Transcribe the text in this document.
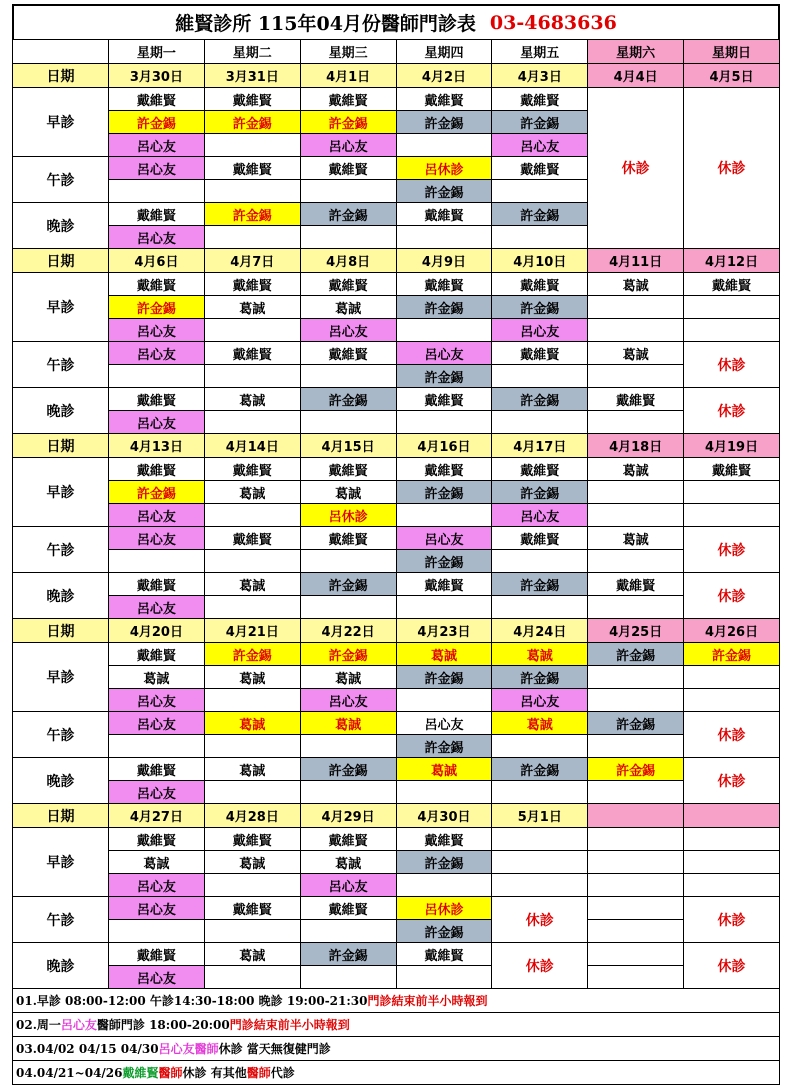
維賢診所 115年04月份醫師門診表 03-4683636
	星期一	星期二	星期三	星期四	星期五	星期六	星期日
日期	3月30日	3月31日	4月1日	4月2日	4月3日	4月4日	4月5日
早診	戴維賢	戴維賢	戴維賢	戴維賢	戴維賢	休診	休診
	許金錫	許金錫	許金錫	許金錫	許金錫		
	呂心友		呂心友		呂心友		
午診	呂心友	戴維賢	戴維賢	呂休診	戴維賢		
				許金錫			
晚診	戴維賢	許金錫	許金錫	戴維賢	許金錫		
	呂心友						
日期	4月6日	4月7日	4月8日	4月9日	4月10日	4月11日	4月12日
早診	戴維賢	戴維賢	戴維賢	戴維賢	戴維賢	葛誠	戴維賢
	許金錫	葛誠	葛誠	許金錫	許金錫		
	呂心友		呂心友		呂心友		
午診	呂心友	戴維賢	戴維賢	呂心友	戴維賢	葛誠	休診
				許金錫			
晚診	戴維賢	葛誠	許金錫	戴維賢	許金錫	戴維賢	休診
	呂心友						
日期	4月13日	4月14日	4月15日	4月16日	4月17日	4月18日	4月19日
早診	戴維賢	戴維賢	戴維賢	戴維賢	戴維賢	葛誠	戴維賢
	許金錫	葛誠	葛誠	許金錫	許金錫		
	呂心友		呂休診		呂心友		
午診	呂心友	戴維賢	戴維賢	呂心友	戴維賢	葛誠	休診
				許金錫			
晚診	戴維賢	葛誠	許金錫	戴維賢	許金錫	戴維賢	休診
	呂心友						
日期	4月20日	4月21日	4月22日	4月23日	4月24日	4月25日	4月26日
早診	戴維賢	許金錫	許金錫	葛誠	葛誠	許金錫	許金錫
	葛誠	葛誠	葛誠	許金錫	許金錫		
	呂心友		呂心友		呂心友		
午診	呂心友	葛誠	葛誠	呂心友	葛誠	許金錫	休診
				許金錫			
晚診	戴維賢	葛誠	許金錫	葛誠	許金錫	許金錫	休診
	呂心友						
日期	4月27日	4月28日	4月29日	4月30日	5月1日		
早診	戴維賢	戴維賢	戴維賢	戴維賢			
	葛誠	葛誠	葛誠	許金錫			
	呂心友		呂心友				
午診	呂心友	戴維賢	戴維賢	呂休診	休診		休診
				許金錫			
晚診	戴維賢	葛誠	許金錫	戴維賢	休診		休診
	呂心友						
01.早診 08:00-12:00 午診14:30-18:00 晚診 19:00-21:30 門診結束前半小時報到
02.周一 呂心友 醫師門診 18:00-20:00 門診結束前半小時報到
03.04/02 04/15 04/30 呂心友醫師 休診 當天無復健門診
04.04/21~04/26 戴維賢 醫師 休診 有其他 醫師 代診
